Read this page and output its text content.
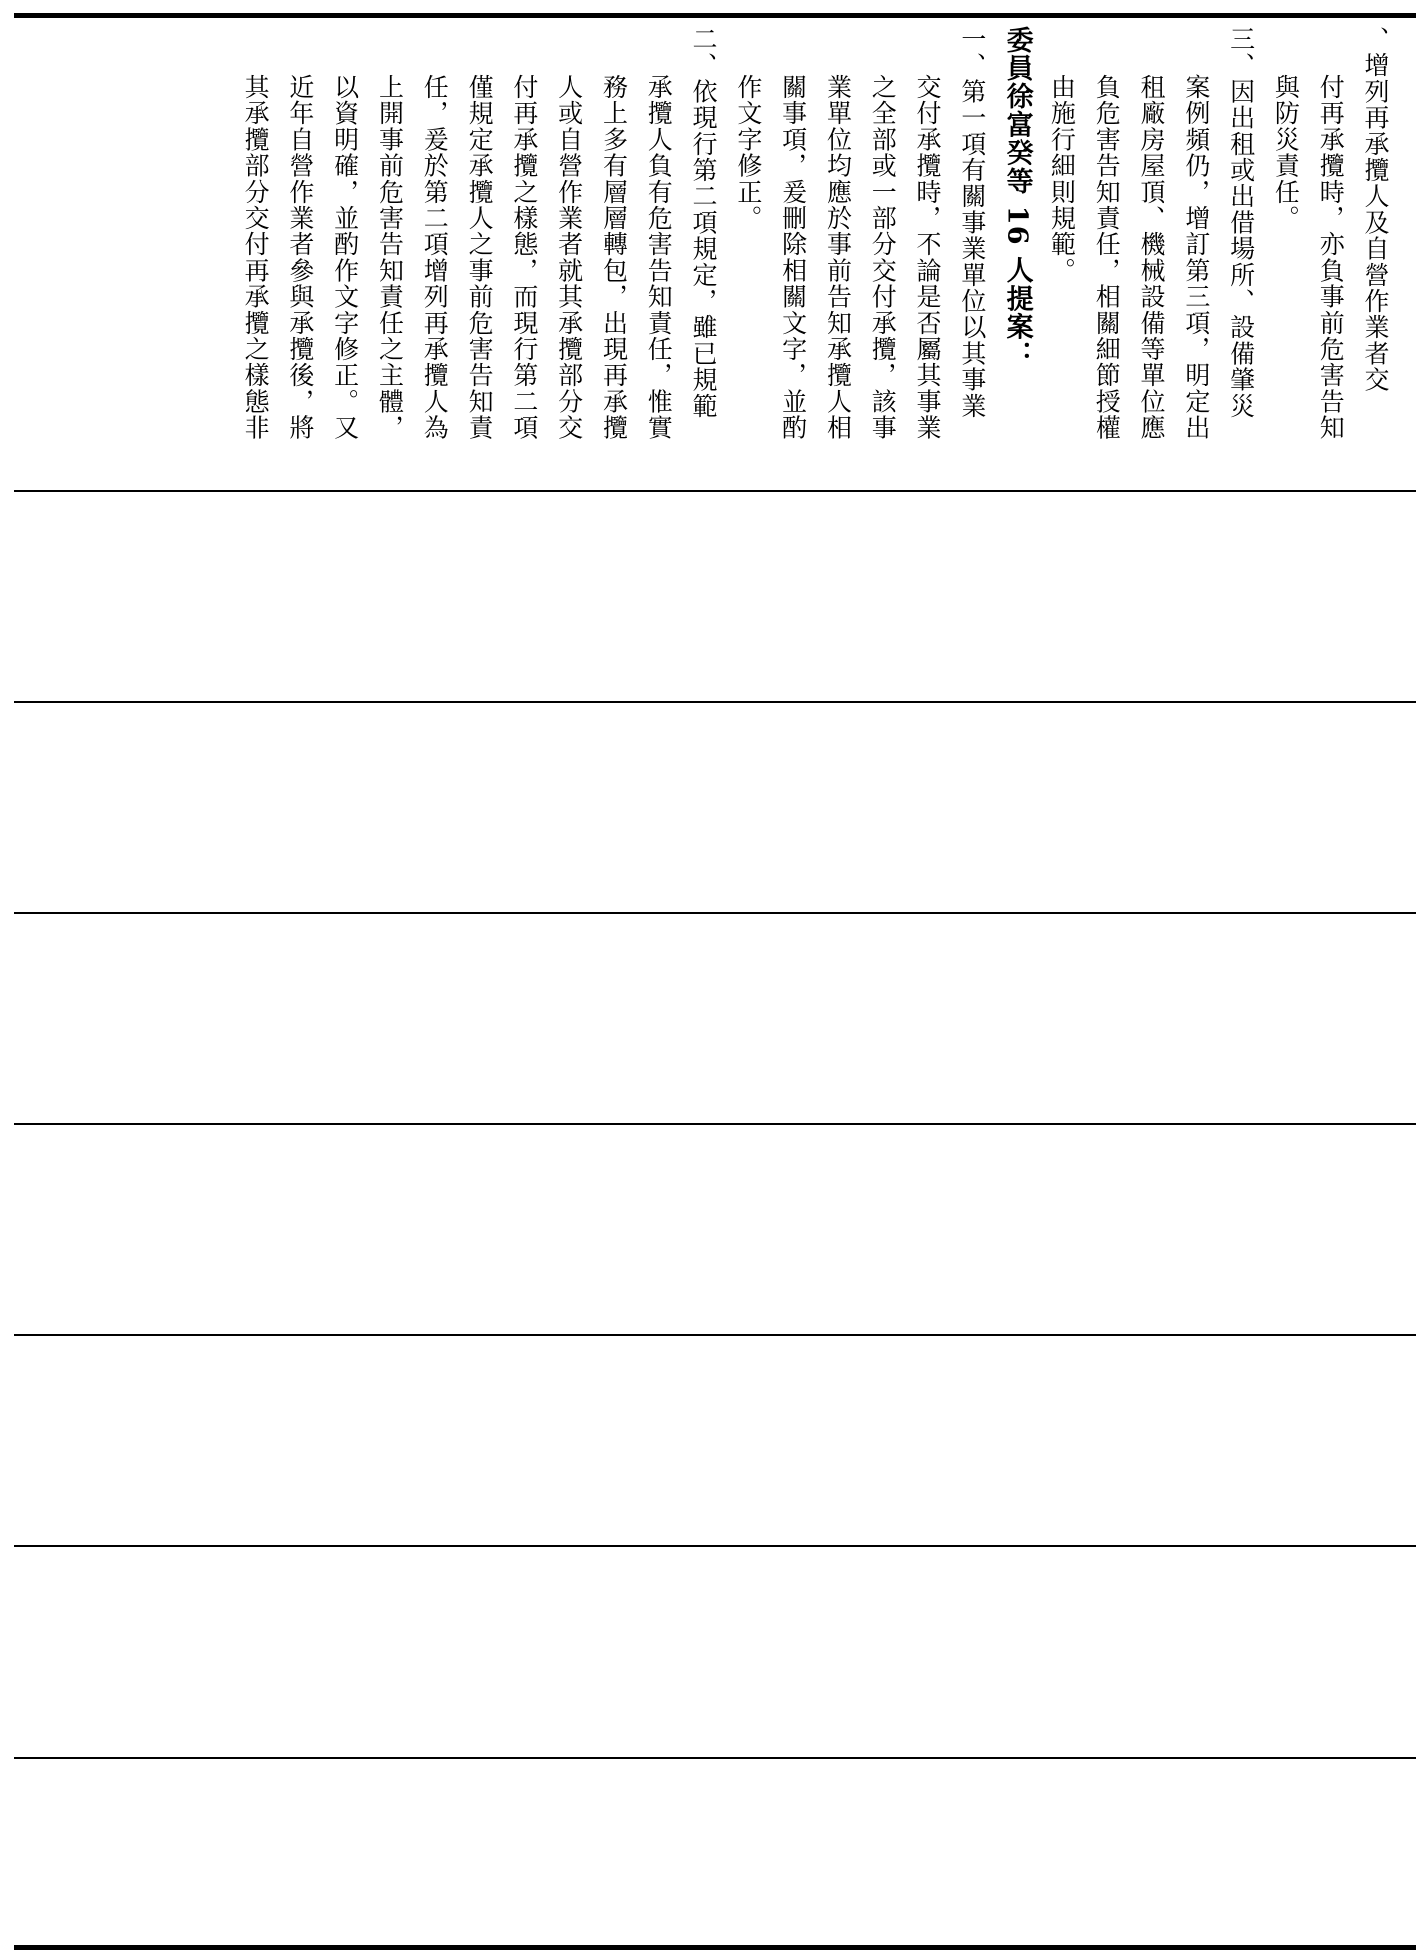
、增列再承攬人及自營作業者交
付再承攬時，亦負事前危害告知
與防災責任。
三、因出租或出借場所、設備肇災
案例頻仍，增訂第三項，明定出
租廠房屋頂、機械設備等單位應
負危害告知責任，相關細節授權
由施行細則規範。
委員徐富癸等 16 人提案：
一、第一項有關事業單位以其事業
交付承攬時，不論是否屬其事業
之全部或一部分交付承攬，該事
業單位均應於事前告知承攬人相
關事項，爰刪除相關文字，並酌
作文字修正。
二、依現行第二項規定，雖已規範
承攬人負有危害告知責任，惟實
務上多有層層轉包，出現再承攬
人或自營作業者就其承攬部分交
付再承攬之樣態，而現行第二項
僅規定承攬人之事前危害告知責
任，爰於第二項增列再承攬人為
上開事前危害告知責任之主體，
以資明確，並酌作文字修正。又
近年自營作業者參與承攬後，將
其承攬部分交付再承攬之樣態非
